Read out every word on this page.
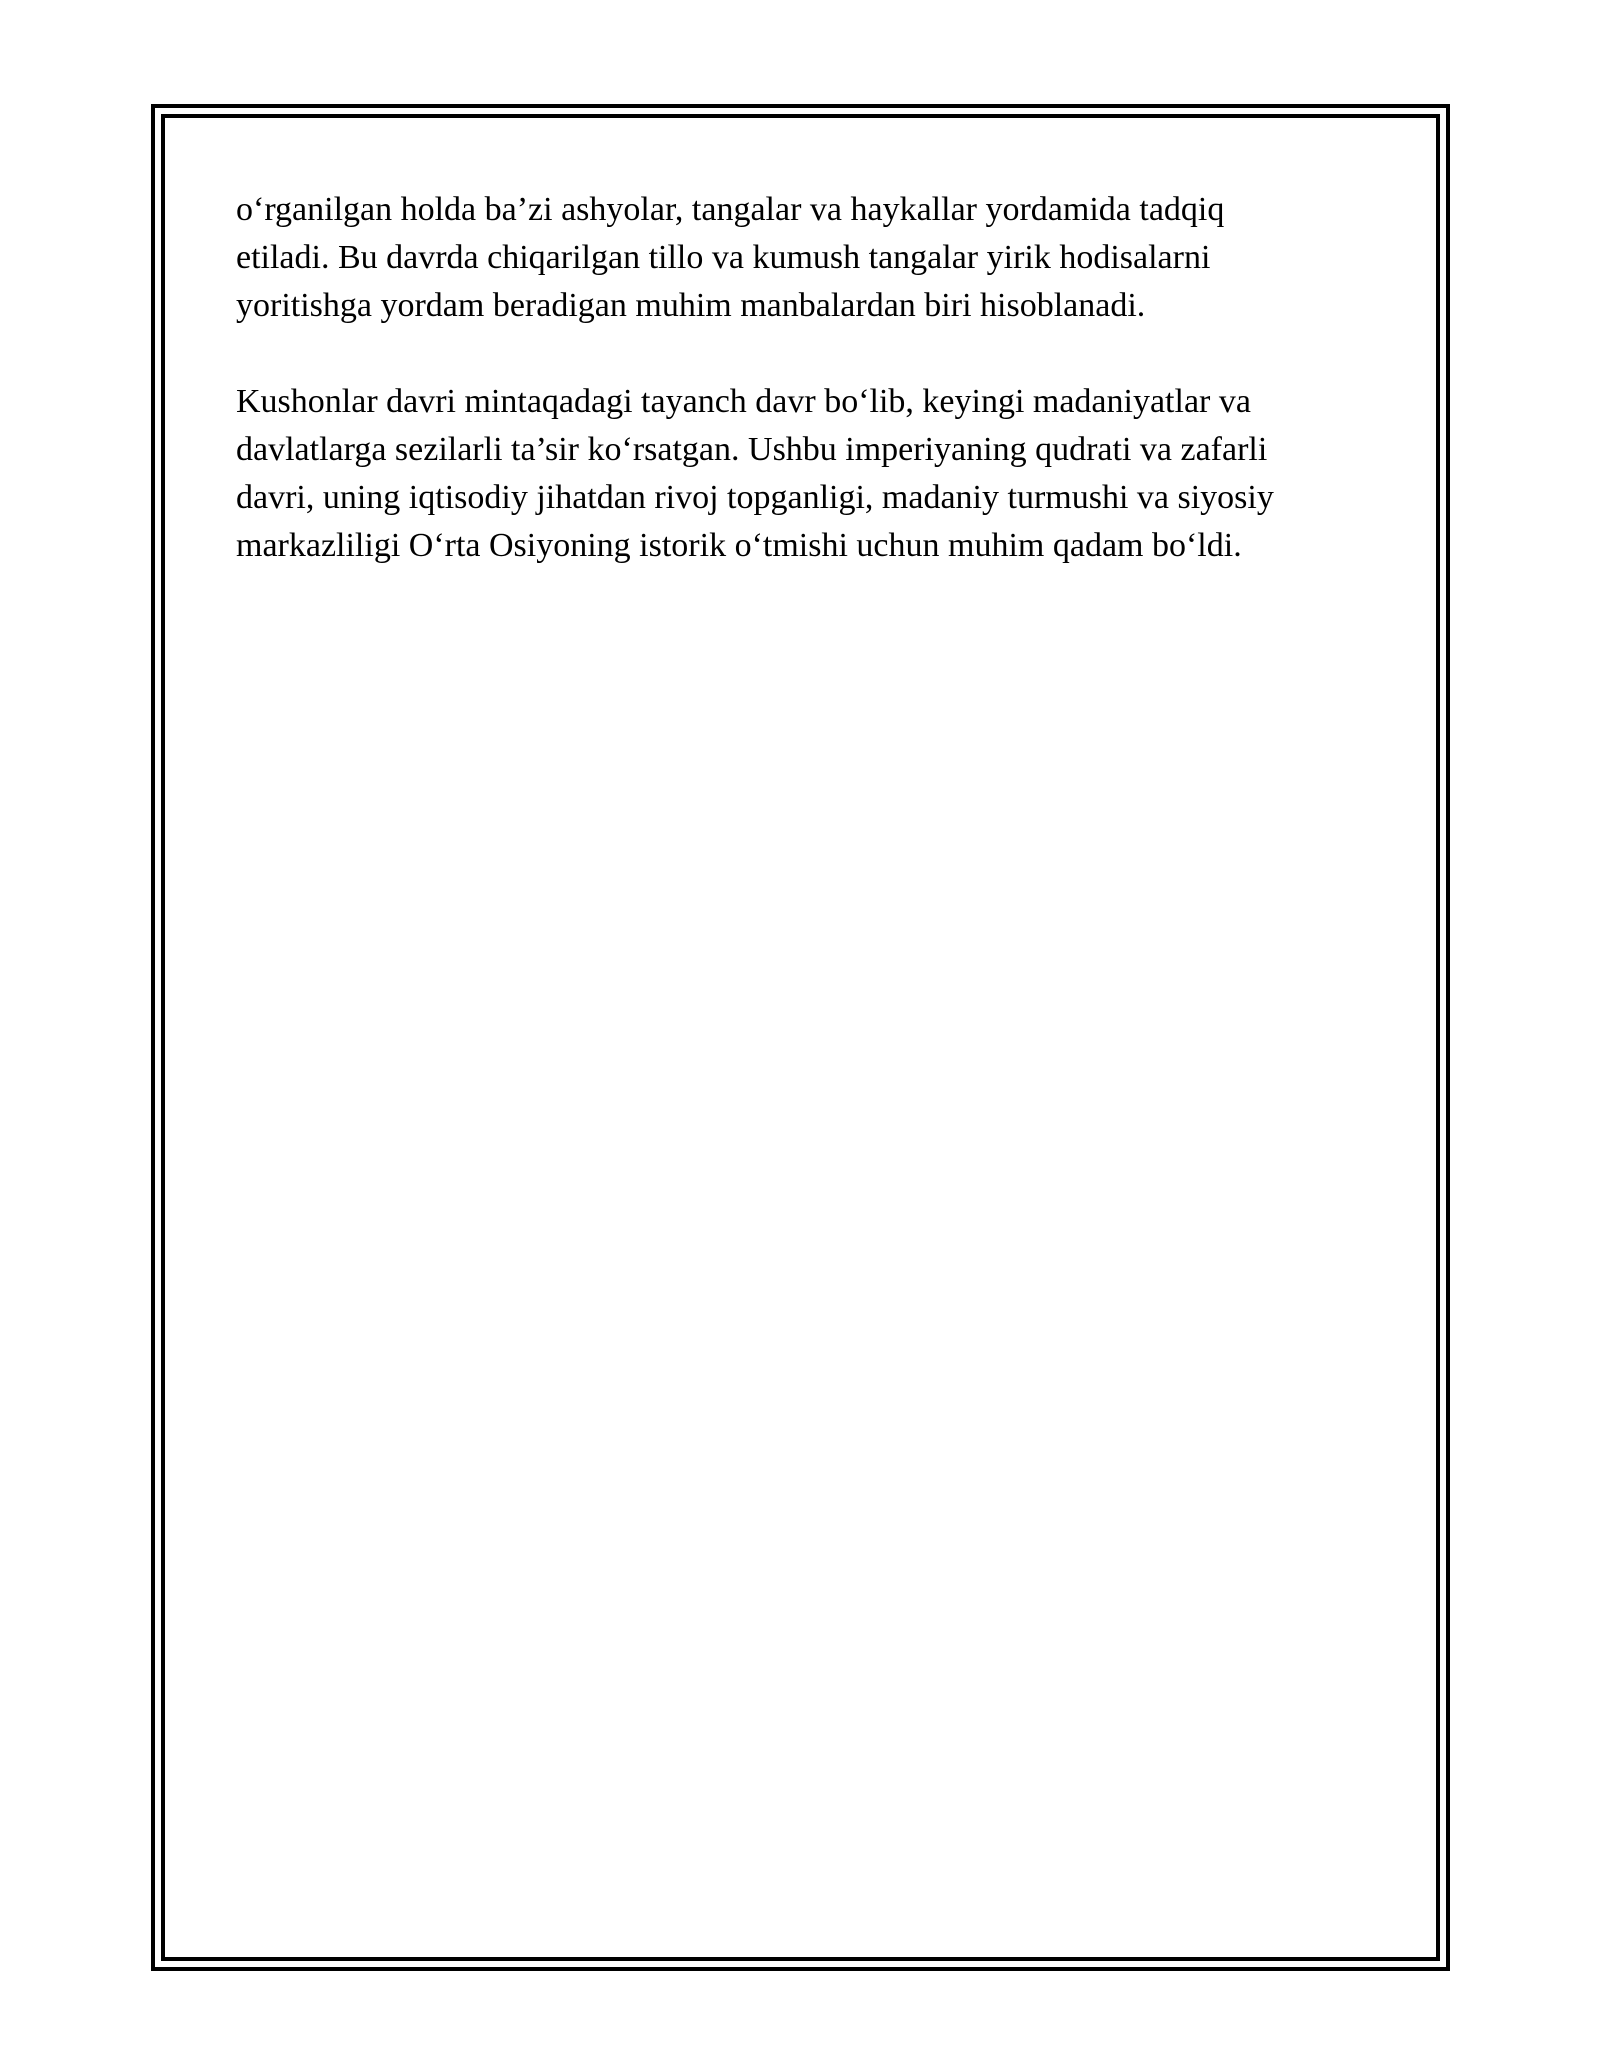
o‘rganilgan holda ba’zi ashyolar, tangalar va haykallar yordamida tadqiq
etiladi. Bu davrda chiqarilgan tillo va kumush tangalar yirik hodisalarni
yoritishga yordam beradigan muhim manbalardan biri hisoblanadi.

Kushonlar davri mintaqadagi tayanch davr bo‘lib, keyingi madaniyatlar va
davlatlarga sezilarli ta’sir ko‘rsatgan. Ushbu imperiyaning qudrati va zafarli
davri, uning iqtisodiy jihatdan rivoj topganligi, madaniy turmushi va siyosiy
markazliligi O‘rta Osiyoning istorik o‘tmishi uchun muhim qadam bo‘ldi.
